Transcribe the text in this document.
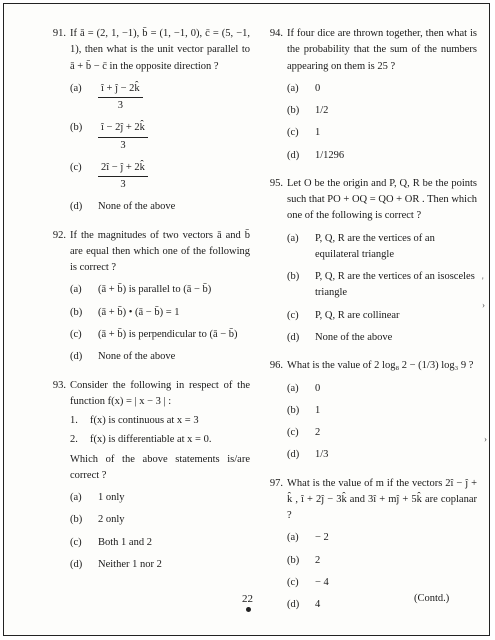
91. If ā = (2, 1, −1), b̄ = (1, −1, 0), c̄ = (5, −1, 1), then what is the unit vector parallel to ā + b̄ − c̄ in the opposite direction ?
(a)	$\frac{î + ĵ - 2k̂}{3}$
(b)	$\frac{î - 2ĵ + 2k̂}{3}$
(c)	$\frac{2î - ĵ + 2k̂}{3}$
(d)	None of the above
92. If the magnitudes of two vectors ā and b̄ are equal then which one of the following is correct ?
(a)	(ā + b̄) is parallel to (ā − b̄)
(b)	(ā + b̄) • (ā − b̄) = 1
(c)	(ā + b̄) is perpendicular to (ā − b̄)
(d)	None of the above
93. Consider the following in respect of the function f(x) = | x − 3 | :
1.	f(x) is continuous at x = 3
2.	f(x) is differentiable at x = 0.
Which of the above statements is/are correct ?
(a)	1 only
(b)	2 only
(c)	Both 1 and 2
(d)	Neither 1 nor 2
94. If four dice are thrown together, then what is the probability that the sum of the numbers appearing on them is 25 ?
(a)	0
(b)	1/2
(c)	1
(d)	1/1296
95. Let O be the origin and P, Q, R be the points such that PO + OQ = QO + OR . Then which one of the following is correct ?
(a)	P, Q, R are the vertices of an equilateral triangle
(b)	P, Q, R are the vertices of an isosceles triangle
(c)	P, Q, R are collinear
(d)	None of the above
96. What is the value of 2 log₈ 2 − (1/3) log₃ 9 ?
(a)	0
(b)	1
(c)	2
(d)	1/3
97. What is the value of m if the vectors 2î − ĵ + k̂ , î + 2ĵ − 3k̂ and 3î + mĵ + 5k̂ are coplanar ?
(a)	− 2
(b)	2
(c)	− 4
(d)	4
22	(Contd.)
'
›
›
